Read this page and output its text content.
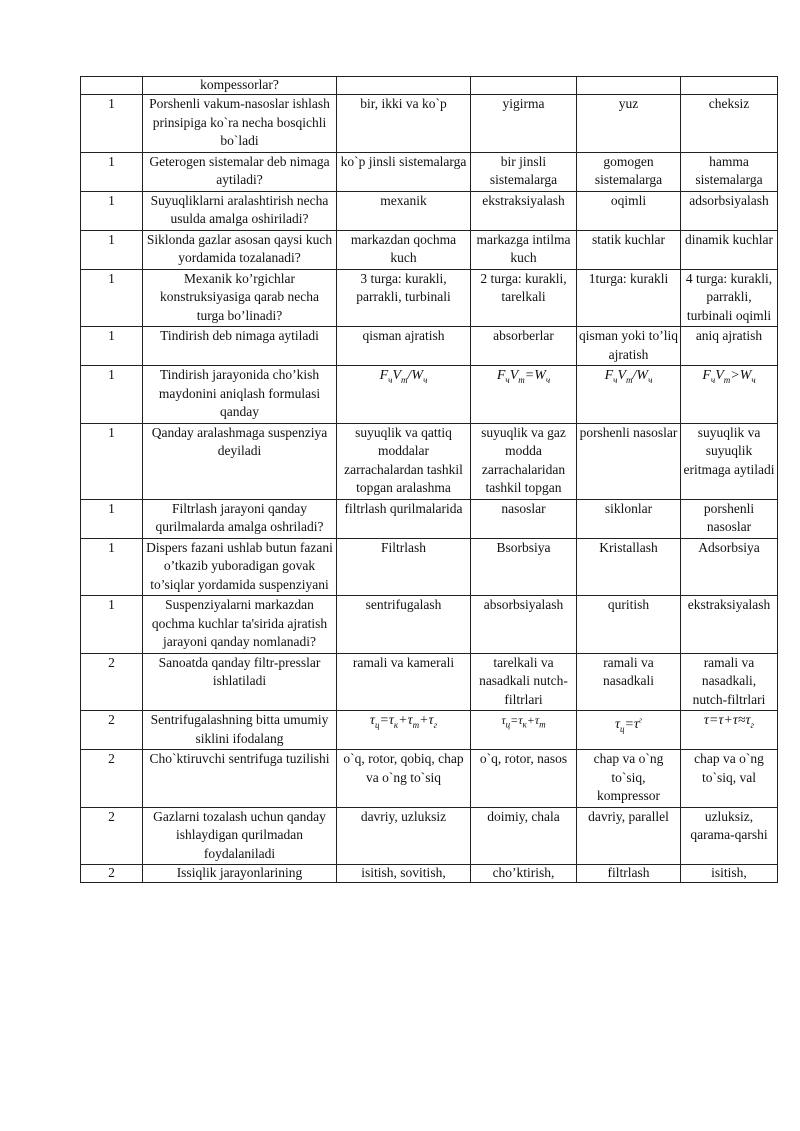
	kompessorlar?				
1	Porshenli vakum-nasoslar ishlash prinsipiga ko`ra necha bosqichli bo`ladi	bir, ikki va ko`p	yigirma	yuz	cheksiz
1	Geterogen sistemalar deb nimaga aytiladi?	ko`p jinsli sistemalarga	bir jinsli sistemalarga	gomogen sistemalarga	hamma sistemalarga
1	Suyuqliklarni aralashtirish necha usulda amalga oshiriladi?	mexanik	ekstraksiyalash	oqimli	adsorbsiyalash
1	Siklonda gazlar asosan qaysi kuch yordamida tozalanadi?	markazdan qochma kuch	markazga intilma kuch	statik kuchlar	dinamik kuchlar
1	Mexanik ko’rgichlar konstruksiyasiga qarab necha turga bo’linadi?	3 turga: kurakli, parrakli, turbinali	2 turga: kurakli, tarelkali	1turga: kurakli	4 turga: kurakli, parrakli, turbinali oqimli
1	Tindirish deb nimaga aytiladi	qisman ajratish	absorberlar	qisman yoki to’liq ajratish	aniq ajratish
1	Tindirish jarayonida cho’kish maydonini aniqlash formulasi qanday	$F_чV_т/W_ч$	$F_чV_т=W_ч$	$F_чV_т/W_ч$	$F_чV_т>W_ч$
1	Qanday aralashmaga suspenziya deyiladi	suyuqlik va qattiq moddalar zarrachalardan tashkil topgan aralashma	suyuqlik va gaz modda zarrachalaridan tashkil topgan	porshenli nasoslar	suyuqlik va suyuqlik eritmaga aytiladi
1	Filtrlash jarayoni qanday qurilmalarda amalga oshriladi?	filtrlash qurilmalarida	nasoslar	siklonlar	porshenli nasoslar
1	Dispers fazani ushlab butun fazani o’tkazib yuboradigan govak to’siqlar yordamida suspenziyani	Filtrlash	Bsorbsiya	Kristallash	Adsorbsiya
1	Suspenziyalarni markazdan qochma kuchlar ta'sirida ajratish jarayoni qanday nomlanadi?	sentrifugalash	absorbsiyalash	quritish	ekstraksiyalash
2	Sanoatda qanday filtr-presslar ishlatiladi	ramali va kamerali	tarelkali va nasadkali nutch-filtrlari	ramali va nasadkali	ramali va nasadkali, nutch-filtrlari
2	Sentrifugalashning bitta umumiy siklini ifodalang	$\tau_ц=\tau_к+\tau_т+\tau_г$	$\tau_ц=\tau_к+\tau_т$	$\tau_ц=\tau^г$	$\tau=\tau+\tau\approx\tau_г$
2	Cho`ktiruvchi sentrifuga tuzilishi	o`q, rotor, qobiq, chap va o`ng to`siq	o`q, rotor, nasos	chap va o`ng to`siq, kompressor	chap va o`ng to`siq, val
2	Gazlarni tozalash uchun qanday ishlaydigan qurilmadan foydalaniladi	davriy, uzluksiz	doimiy, chala	davriy, parallel	uzluksiz, qarama-qarshi
2	Issiqlik jarayonlarining	isitish, sovitish,	cho’ktirish,	filtrlash	isitish,
